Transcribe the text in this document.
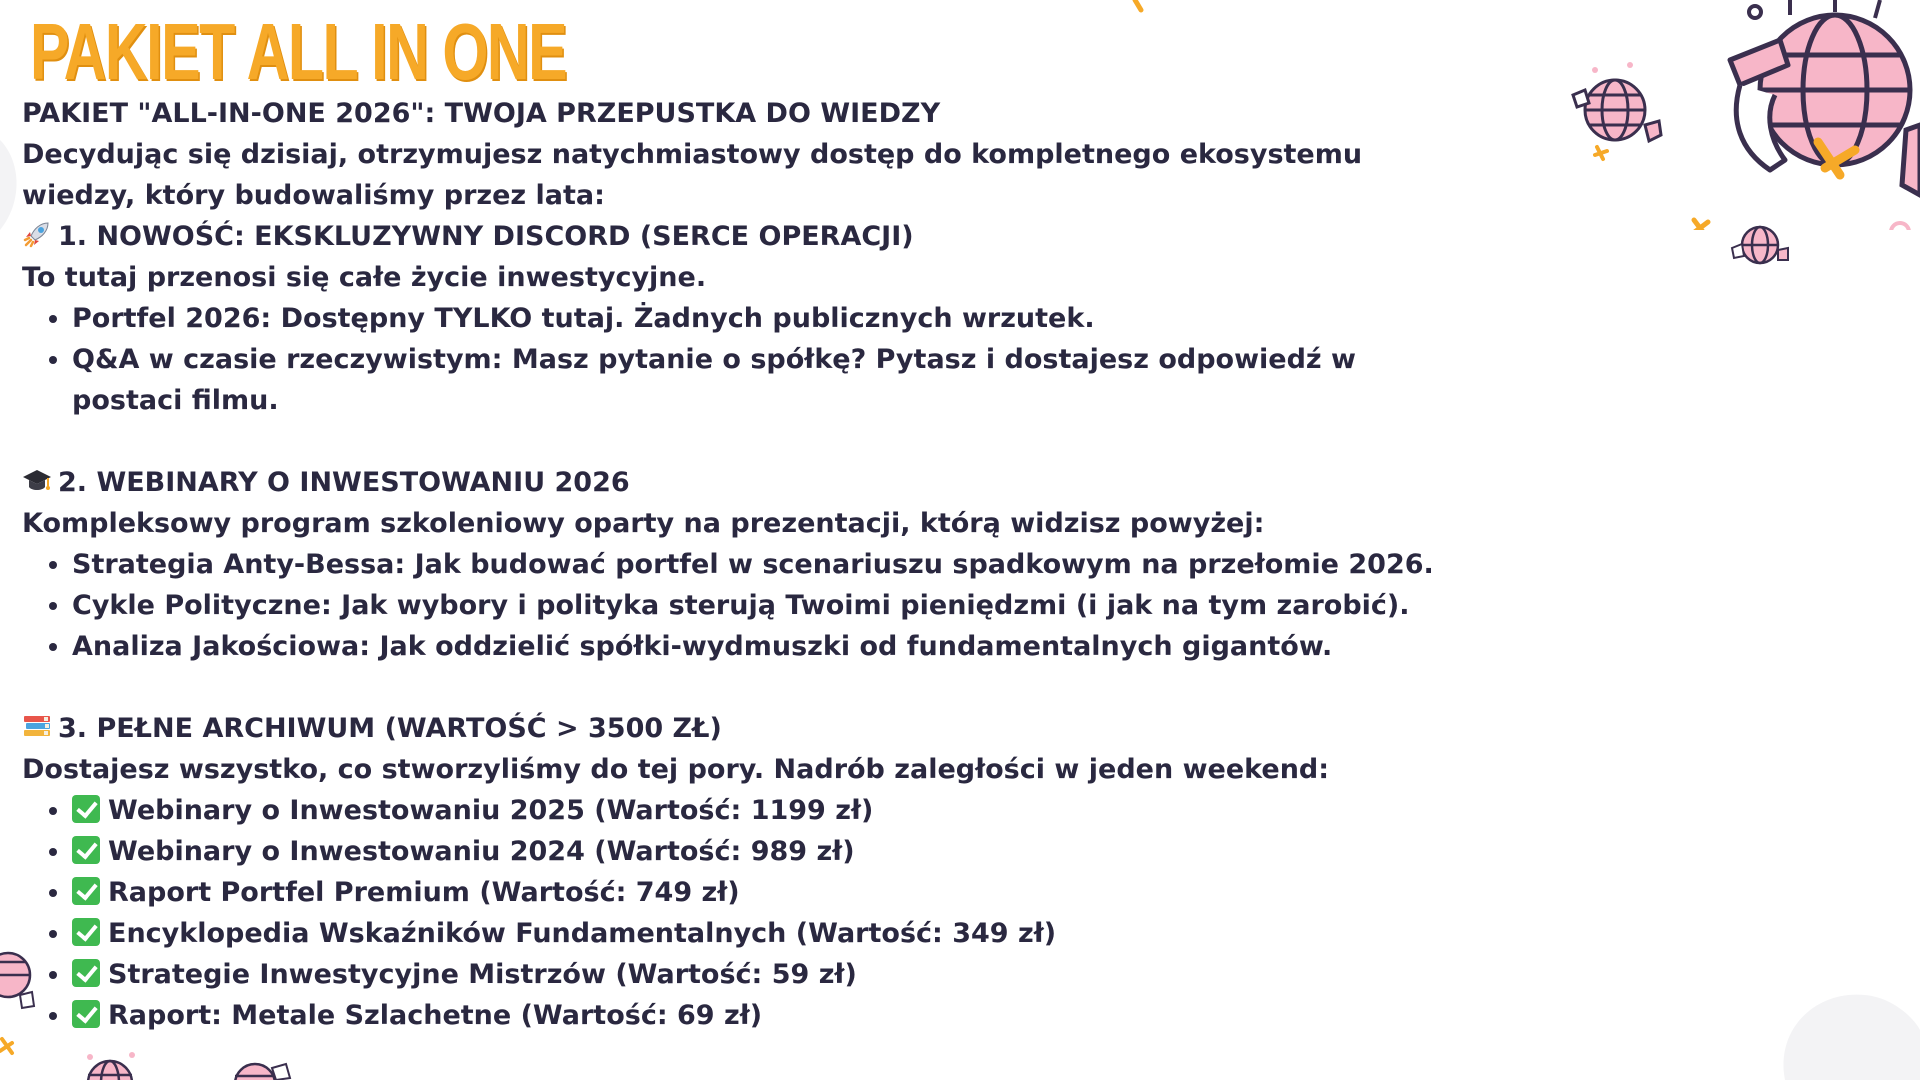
PAKIET ALL IN ONE
PAKIET "ALL-IN-ONE 2026": TWOJA PRZEPUSTKA DO WIEDZY
Decydując się dzisiaj, otrzymujesz natychmiastowy dostęp do kompletnego ekosystemu wiedzy, który budowaliśmy przez lata:
1. NOWOŚĆ: EKSKLUZYWNY DISCORD (SERCE OPERACJI)
To tutaj przenosi się całe życie inwestycyjne.
• Portfel 2026: Dostępny TYLKO tutaj. Żadnych publicznych wrzutek.
• Q&A w czasie rzeczywistym: Masz pytanie o spółkę? Pytasz i dostajesz odpowiedź w postaci filmu.
2. WEBINARY O INWESTOWANIU 2026
Kompleksowy program szkoleniowy oparty na prezentacji, którą widzisz powyżej:
• Strategia Anty-Bessa: Jak budować portfel w scenariuszu spadkowym na przełomie 2026.
• Cykle Polityczne: Jak wybory i polityka sterują Twoimi pieniędzmi (i jak na tym zarobić).
• Analiza Jakościowa: Jak oddzielić spółki-wydmuszki od fundamentalnych gigantów.
3. PEŁNE ARCHIWUM (WARTOŚĆ > 3500 ZŁ)
Dostajesz wszystko, co stworzyliśmy do tej pory. Nadrób zaległości w jeden weekend:
• Webinary o Inwestowaniu 2025 (Wartość: 1199 zł)
• Webinary o Inwestowaniu 2024 (Wartość: 989 zł)
• Raport Portfel Premium (Wartość: 749 zł)
• Encyklopedia Wskaźników Fundamentalnych (Wartość: 349 zł)
• Strategie Inwestycyjne Mistrzów (Wartość: 59 zł)
• Raport: Metale Szlachetne (Wartość: 69 zł)
